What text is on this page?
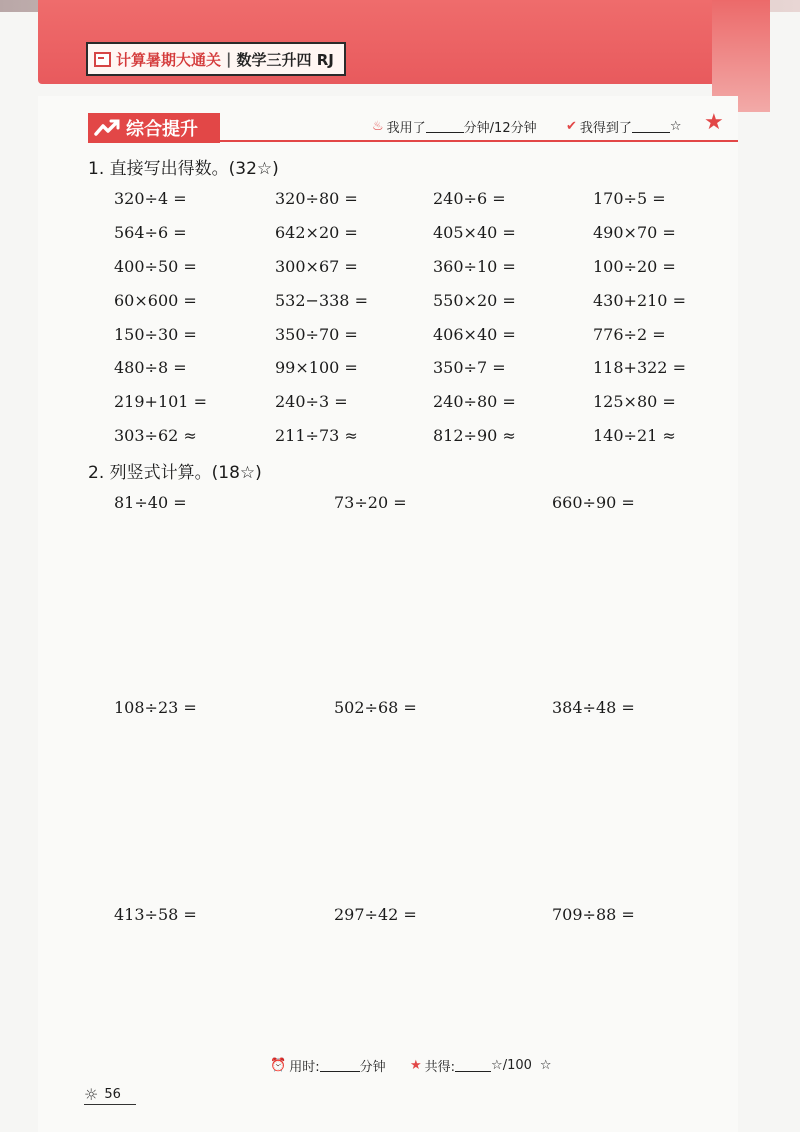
计算暑期大通关 | 数学三升四 RJ
综合提升	♨ 我用了	分钟/12分钟 ✔ 我得到了	☆ ★
1. 直接写出得数。(32☆)
320÷4 =	320÷80 =	240÷6 =	170÷5 =
564÷6 =	642×20 =	405×40 =	490×70 =
400÷50 =	300×67 =	360÷10 =	100÷20 =
60×600 =	532−338 =	550×20 =	430+210 =
150÷30 =	350÷70 =	406×40 =	776÷2 =
480÷8 =	99×100 =	350÷7 =	118+322 =
219+101 =	240÷3 =	240÷80 =	125×80 =
303÷62 ≈	211÷73 ≈	812÷90 ≈	140÷21 ≈
2. 列竖式计算。(18☆)
81÷40 =	73÷20 =	660÷90 =
108÷23 =	502÷68 =	384÷48 =
413÷58 =	297÷42 =	709÷88 =
⏰ 用时:	分钟 ★ 共得:	☆/100 ☆
☼ 56
